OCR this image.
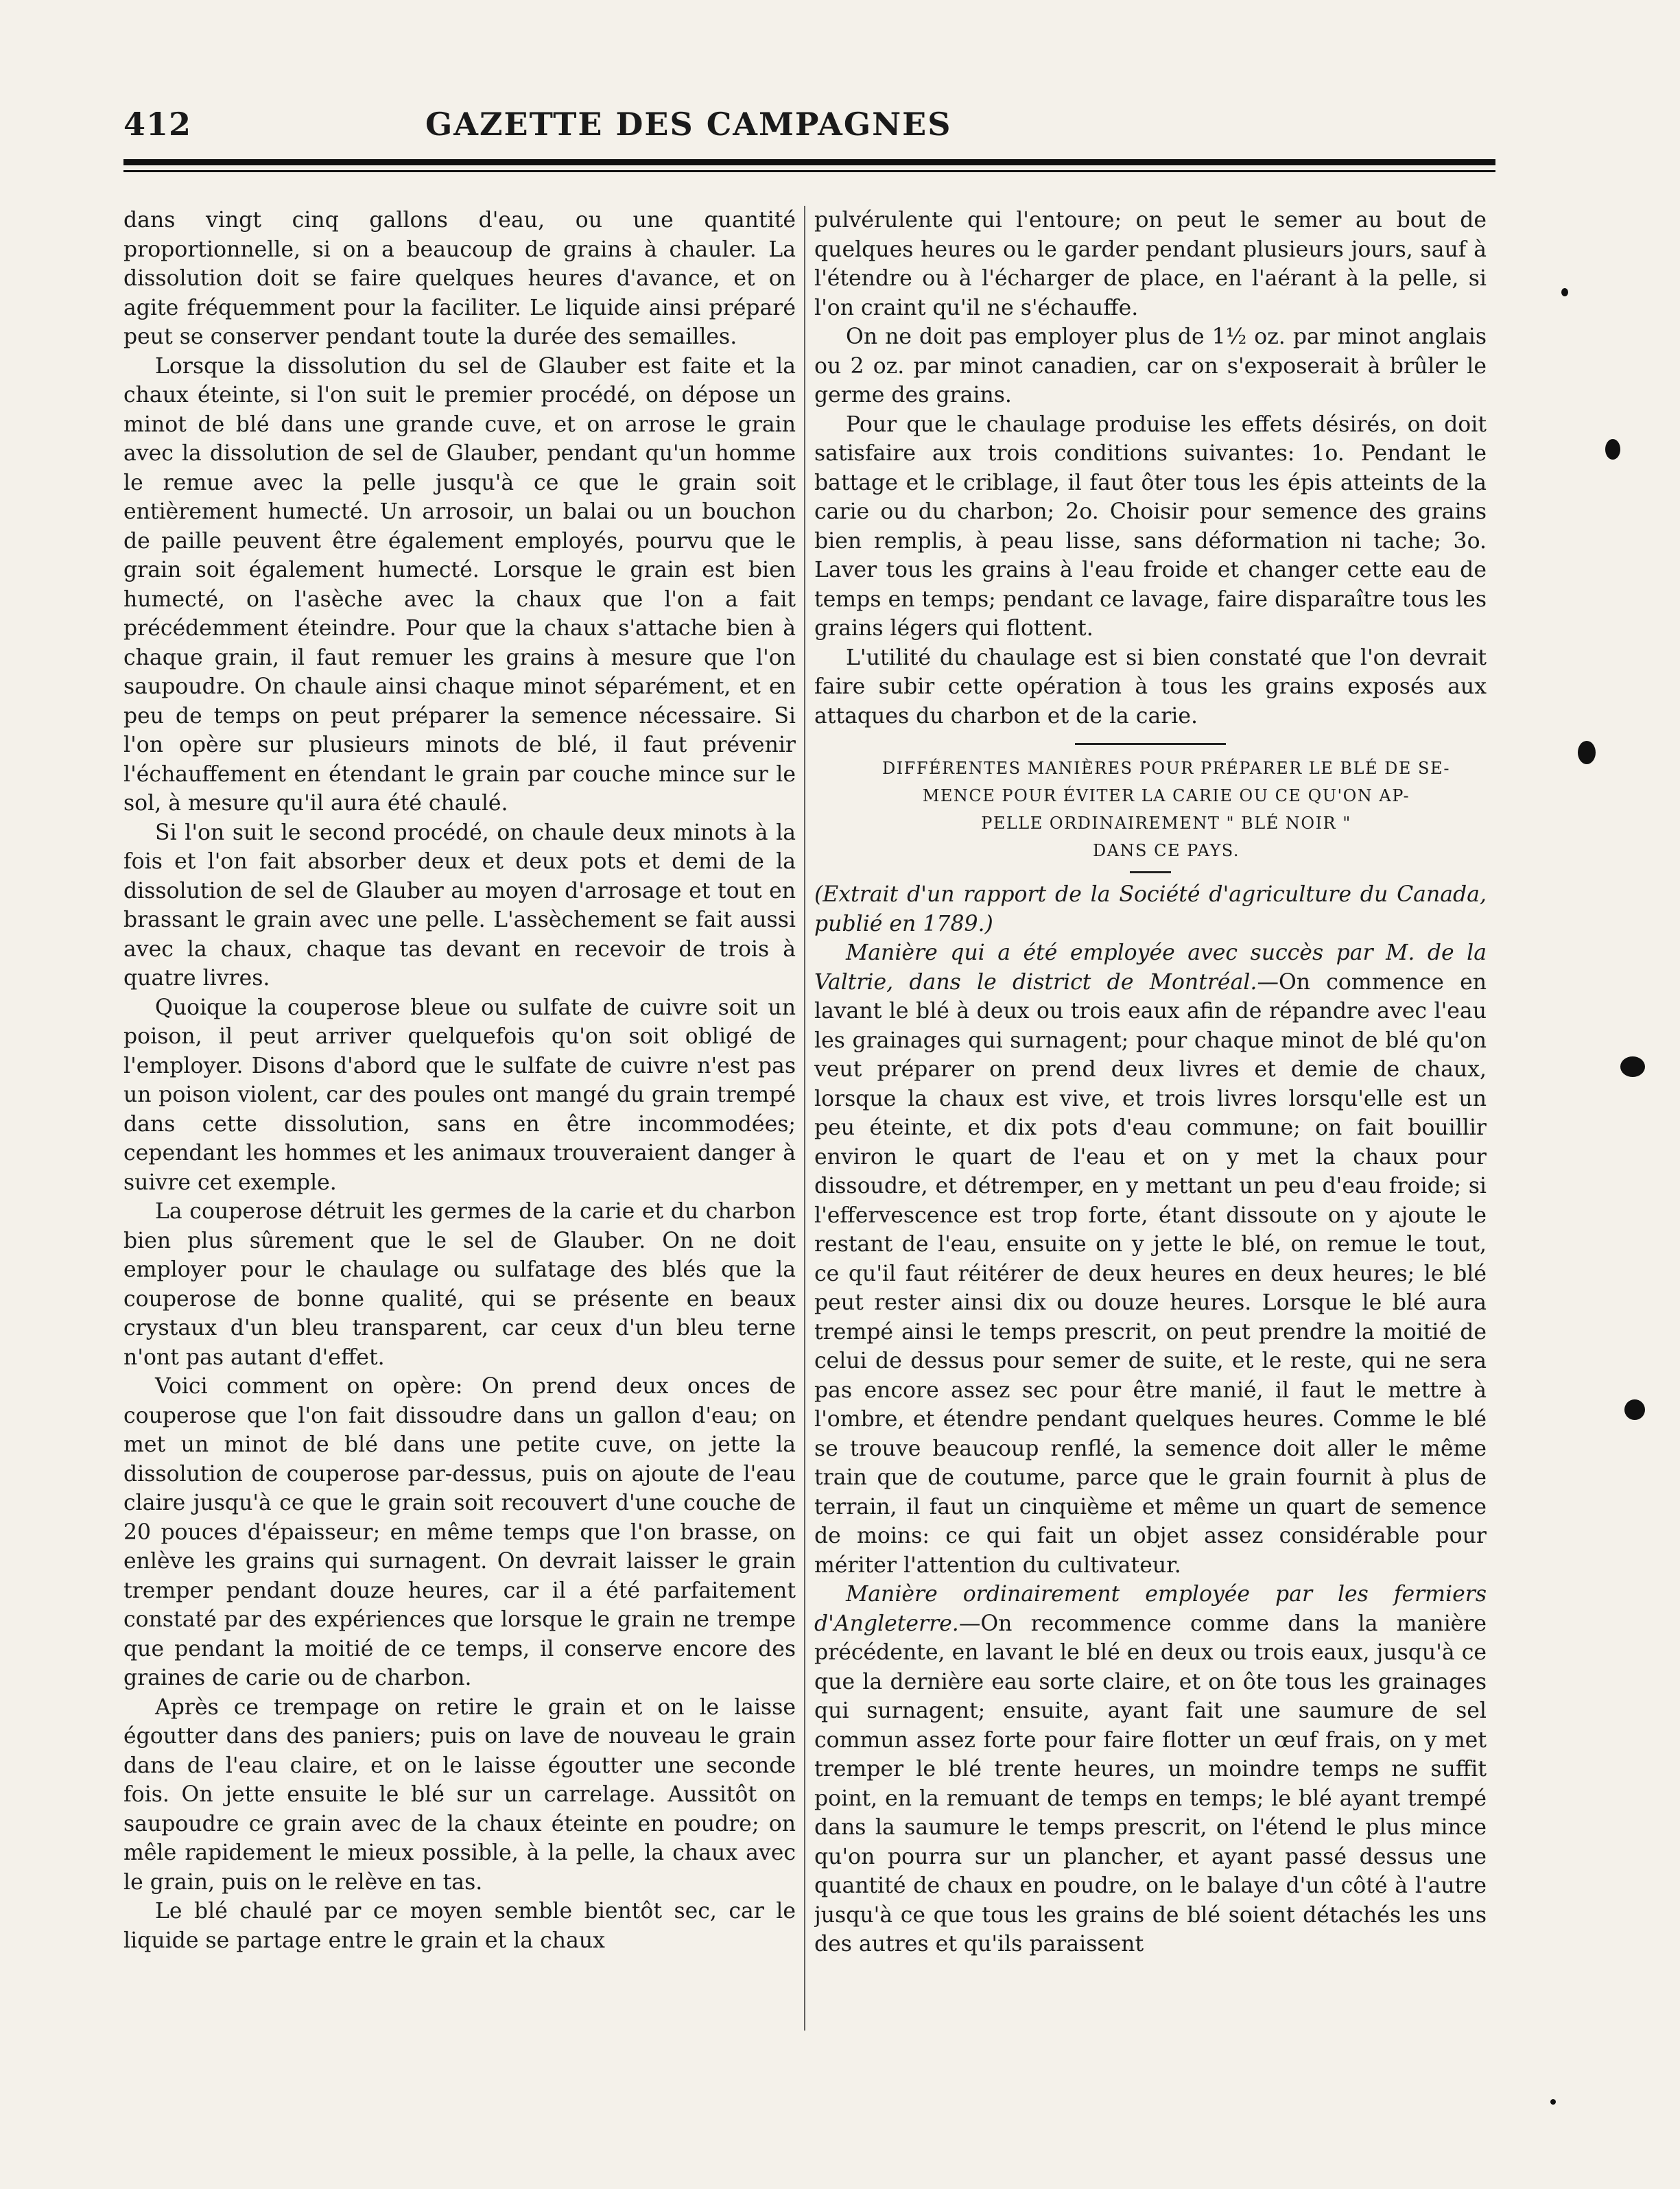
412	GAZETTE DES CAMPAGNES

dans vingt cinq gallons d'eau, ou une quantité proportionnelle, si on a beaucoup de grains à chauler. La dissolution doit se faire quelques heures d'avance, et on agite fréquemment pour la faciliter. Le liquide ainsi préparé peut se conserver pendant toute la durée des semailles.

Lorsque la dissolution du sel de Glauber est faite et la chaux éteinte, si l'on suit le premier procédé, on dépose un minot de blé dans une grande cuve, et on arrose le grain avec la dissolution de sel de Glauber, pendant qu'un homme le remue avec la pelle jusqu'à ce que le grain soit entièrement humecté. Un arrosoir, un balai ou un bouchon de paille peuvent être également employés, pourvu que le grain soit également humecté. Lorsque le grain est bien humecté, on l'asèche avec la chaux que l'on a fait précédemment éteindre. Pour que la chaux s'attache bien à chaque grain, il faut remuer les grains à mesure que l'on saupoudre. On chaule ainsi chaque minot séparément, et en peu de temps on peut préparer la semence nécessaire. Si l'on opère sur plusieurs minots de blé, il faut prévenir l'échauffement en étendant le grain par couche mince sur le sol, à mesure qu'il aura été chaulé.

Si l'on suit le second procédé, on chaule deux minots à la fois et l'on fait absorber deux et deux pots et demi de la dissolution de sel de Glauber au moyen d'arrosage et tout en brassant le grain avec une pelle. L'assèchement se fait aussi avec la chaux, chaque tas devant en recevoir de trois à quatre livres.

Quoique la couperose bleue ou sulfate de cuivre soit un poison, il peut arriver quelquefois qu'on soit obligé de l'employer. Disons d'abord que le sulfate de cuivre n'est pas un poison violent, car des poules ont mangé du grain trempé dans cette dissolution, sans en être incommodées; cependant les hommes et les animaux trouveraient danger à suivre cet exemple.

La couperose détruit les germes de la carie et du charbon bien plus sûrement que le sel de Glauber. On ne doit employer pour le chaulage ou sulfatage des blés que la couperose de bonne qualité, qui se présente en beaux crystaux d'un bleu transparent, car ceux d'un bleu terne n'ont pas autant d'effet.

Voici comment on opère: On prend deux onces de couperose que l'on fait dissoudre dans un gallon d'eau; on met un minot de blé dans une petite cuve, on jette la dissolution de couperose par-dessus, puis on ajoute de l'eau claire jusqu'à ce que le grain soit recouvert d'une couche de 20 pouces d'épaisseur; en même temps que l'on brasse, on enlève les grains qui surnagent. On devrait laisser le grain tremper pendant douze heures, car il a été parfaitement constaté par des expériences que lorsque le grain ne trempe que pendant la moitié de ce temps, il conserve encore des graines de carie ou de charbon.

Après ce trempage on retire le grain et on le laisse égoutter dans des paniers; puis on lave de nouveau le grain dans de l'eau claire, et on le laisse égoutter une seconde fois. On jette ensuite le blé sur un carrelage. Aussitôt on saupoudre ce grain avec de la chaux éteinte en poudre; on mêle rapidement le mieux possible, à la pelle, la chaux avec le grain, puis on le relève en tas.

Le blé chaulé par ce moyen semble bientôt sec, car le liquide se partage entre le grain et la chaux

pulvérulente qui l'entoure; on peut le semer au bout de quelques heures ou le garder pendant plusieurs jours, sauf à l'étendre ou à l'écharger de place, en l'aérant à la pelle, si l'on craint qu'il ne s'échauffe.

On ne doit pas employer plus de 1½ oz. par minot anglais ou 2 oz. par minot canadien, car on s'exposerait à brûler le germe des grains.

Pour que le chaulage produise les effets désirés, on doit satisfaire aux trois conditions suivantes: 1o. Pendant le battage et le criblage, il faut ôter tous les épis atteints de la carie ou du charbon; 2o. Choisir pour semence des grains bien remplis, à peau lisse, sans déformation ni tache; 3o. Laver tous les grains à l'eau froide et changer cette eau de temps en temps; pendant ce lavage, faire disparaître tous les grains légers qui flottent.

L'utilité du chaulage est si bien constaté que l'on devrait faire subir cette opération à tous les grains exposés aux attaques du charbon et de la carie.

DIFFÉRENTES MANIÈRES POUR PRÉPARER LE BLÉ DE SE-

MENCE POUR ÉVITER LA CARIE OU CE QU'ON AP-

PELLE ORDINAIREMENT " BLÉ NOIR "

DANS CE PAYS.

(Extrait d'un rapport de la Société d'agriculture du Canada, publié en 1789.)

Manière qui a été employée avec succès par M. de la Valtrie, dans le district de Montréal.—On commence en lavant le blé à deux ou trois eaux afin de répandre avec l'eau les grainages qui surnagent; pour chaque minot de blé qu'on veut préparer on prend deux livres et demie de chaux, lorsque la chaux est vive, et trois livres lorsqu'elle est un peu éteinte, et dix pots d'eau commune; on fait bouillir environ le quart de l'eau et on y met la chaux pour dissoudre, et détremper, en y mettant un peu d'eau froide; si l'effervescence est trop forte, étant dissoute on y ajoute le restant de l'eau, ensuite on y jette le blé, on remue le tout, ce qu'il faut réitérer de deux heures en deux heures; le blé peut rester ainsi dix ou douze heures. Lorsque le blé aura trempé ainsi le temps prescrit, on peut prendre la moitié de celui de dessus pour semer de suite, et le reste, qui ne sera pas encore assez sec pour être manié, il faut le mettre à l'ombre, et étendre pendant quelques heures. Comme le blé se trouve beaucoup renflé, la semence doit aller le même train que de coutume, parce que le grain fournit à plus de terrain, il faut un cinquième et même un quart de semence de moins: ce qui fait un objet assez considérable pour mériter l'attention du cultivateur.

Manière ordinairement employée par les fermiers d'Angleterre.—On recommence comme dans la manière précédente, en lavant le blé en deux ou trois eaux, jusqu'à ce que la dernière eau sorte claire, et on ôte tous les grainages qui surnagent; ensuite, ayant fait une saumure de sel commun assez forte pour faire flotter un œuf frais, on y met tremper le blé trente heures, un moindre temps ne suffit point, en la remuant de temps en temps; le blé ayant trempé dans la saumure le temps prescrit, on l'étend le plus mince qu'on pourra sur un plancher, et ayant passé dessus une quantité de chaux en poudre, on le balaye d'un côté à l'autre jusqu'à ce que tous les grains de blé soient détachés les uns des autres et qu'ils paraissent
